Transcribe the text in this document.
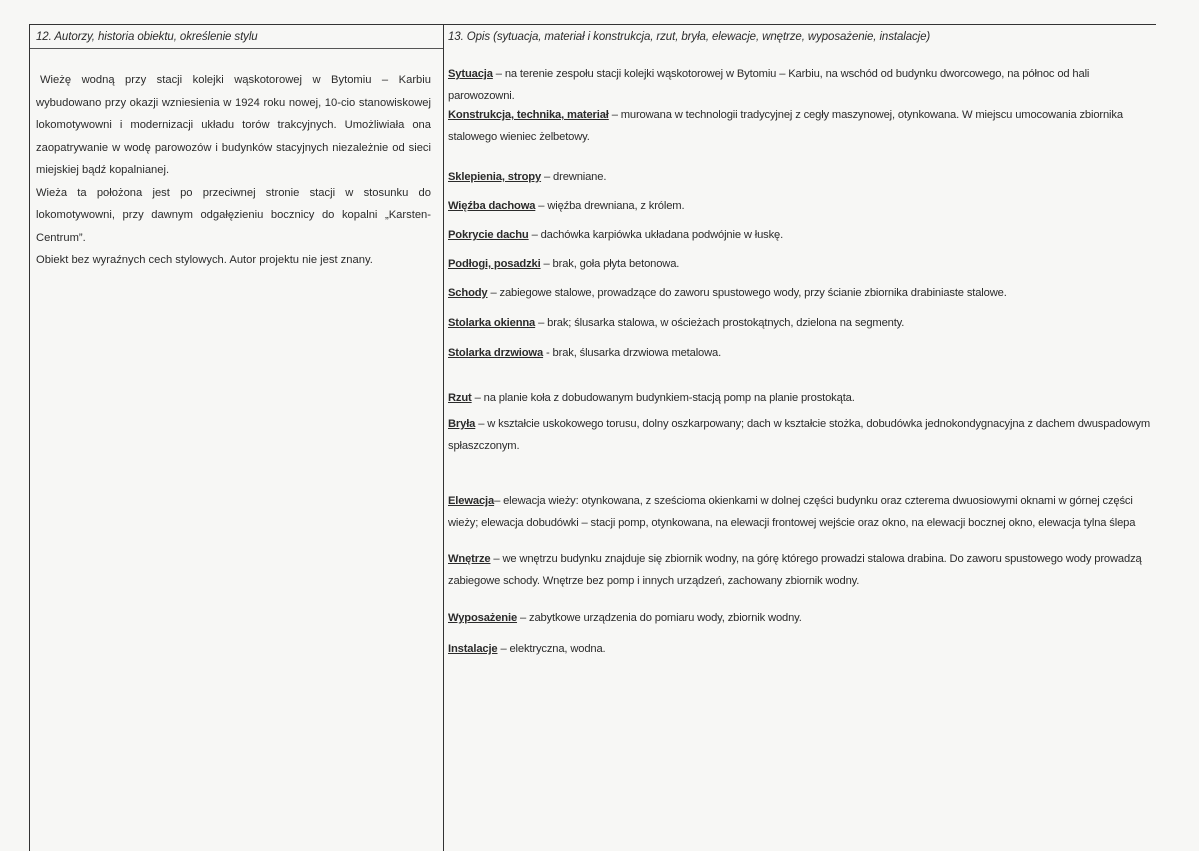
12. Autorzy, historia obiektu, określenie stylu

Wieżę wodną przy stacji kolejki wąskotorowej w Bytomiu – Karbiu wybudowano przy okazji wzniesienia w 1924 roku nowej, 10-cio stanowiskowej lokomotywowni i modernizacji układu torów trakcyjnych. Umożliwiała ona zaopatrywanie w wodę parowozów i budynków stacyjnych niezależnie od sieci miejskiej bądź kopalnianej.

Wieża ta położona jest po przeciwnej stronie stacji w stosunku do lokomotywowni, przy dawnym odgałęzieniu bocznicy do kopalni „Karsten-Centrum”.

Obiekt bez wyraźnych cech stylowych. Autor projektu nie jest znany.

13. Opis (sytuacja, materiał i konstrukcja, rzut, bryła, elewacje, wnętrze, wyposażenie, instalacje)

Sytuacja – na terenie zespołu stacji kolejki wąskotorowej w Bytomiu – Karbiu, na wschód od budynku dworcowego, na północ od hali parowozowni.
Konstrukcja, technika, materiał – murowana w technologii tradycyjnej z cegły maszynowej, otynkowana. W miejscu umocowania zbiornika stalowego wieniec żelbetowy.
Sklepienia, stropy – drewniane.
Więźba dachowa – więźba drewniana, z królem.
Pokrycie dachu – dachówka karpiówka układana podwójnie w łuskę.
Podłogi, posadzki – brak, goła płyta betonowa.
Schody – zabiegowe stalowe, prowadzące do zaworu spustowego wody, przy ścianie zbiornika drabiniaste stalowe.
Stolarka okienna – brak; ślusarka stalowa, w ościeżach prostokątnych, dzielona na segmenty.
Stolarka drzwiowa - brak, ślusarka drzwiowa metalowa.
Rzut – na planie koła z dobudowanym budynkiem-stacją pomp na planie prostokąta.
Bryła – w kształcie uskokowego torusu, dolny oszkarpowany; dach w kształcie stożka, dobudówka jednokondygnacyjna z dachem dwuspadowym spłaszczonym.
Elewacja– elewacja wieży: otynkowana, z sześcioma okienkami w dolnej części budynku oraz czterema dwuosiowymi oknami w górnej części wieży; elewacja dobudówki – stacji pomp, otynkowana, na elewacji frontowej wejście oraz okno, na elewacji bocznej okno, elewacja tylna ślepa
Wnętrze – we wnętrzu budynku znajduje się zbiornik wodny, na górę którego prowadzi stalowa drabina. Do zaworu spustowego wody prowadzą zabiegowe schody. Wnętrze bez pomp i innych urządzeń, zachowany zbiornik wodny.
Wyposażenie – zabytkowe urządzenia do pomiaru wody, zbiornik wodny.
Instalacje – elektryczna, wodna.
